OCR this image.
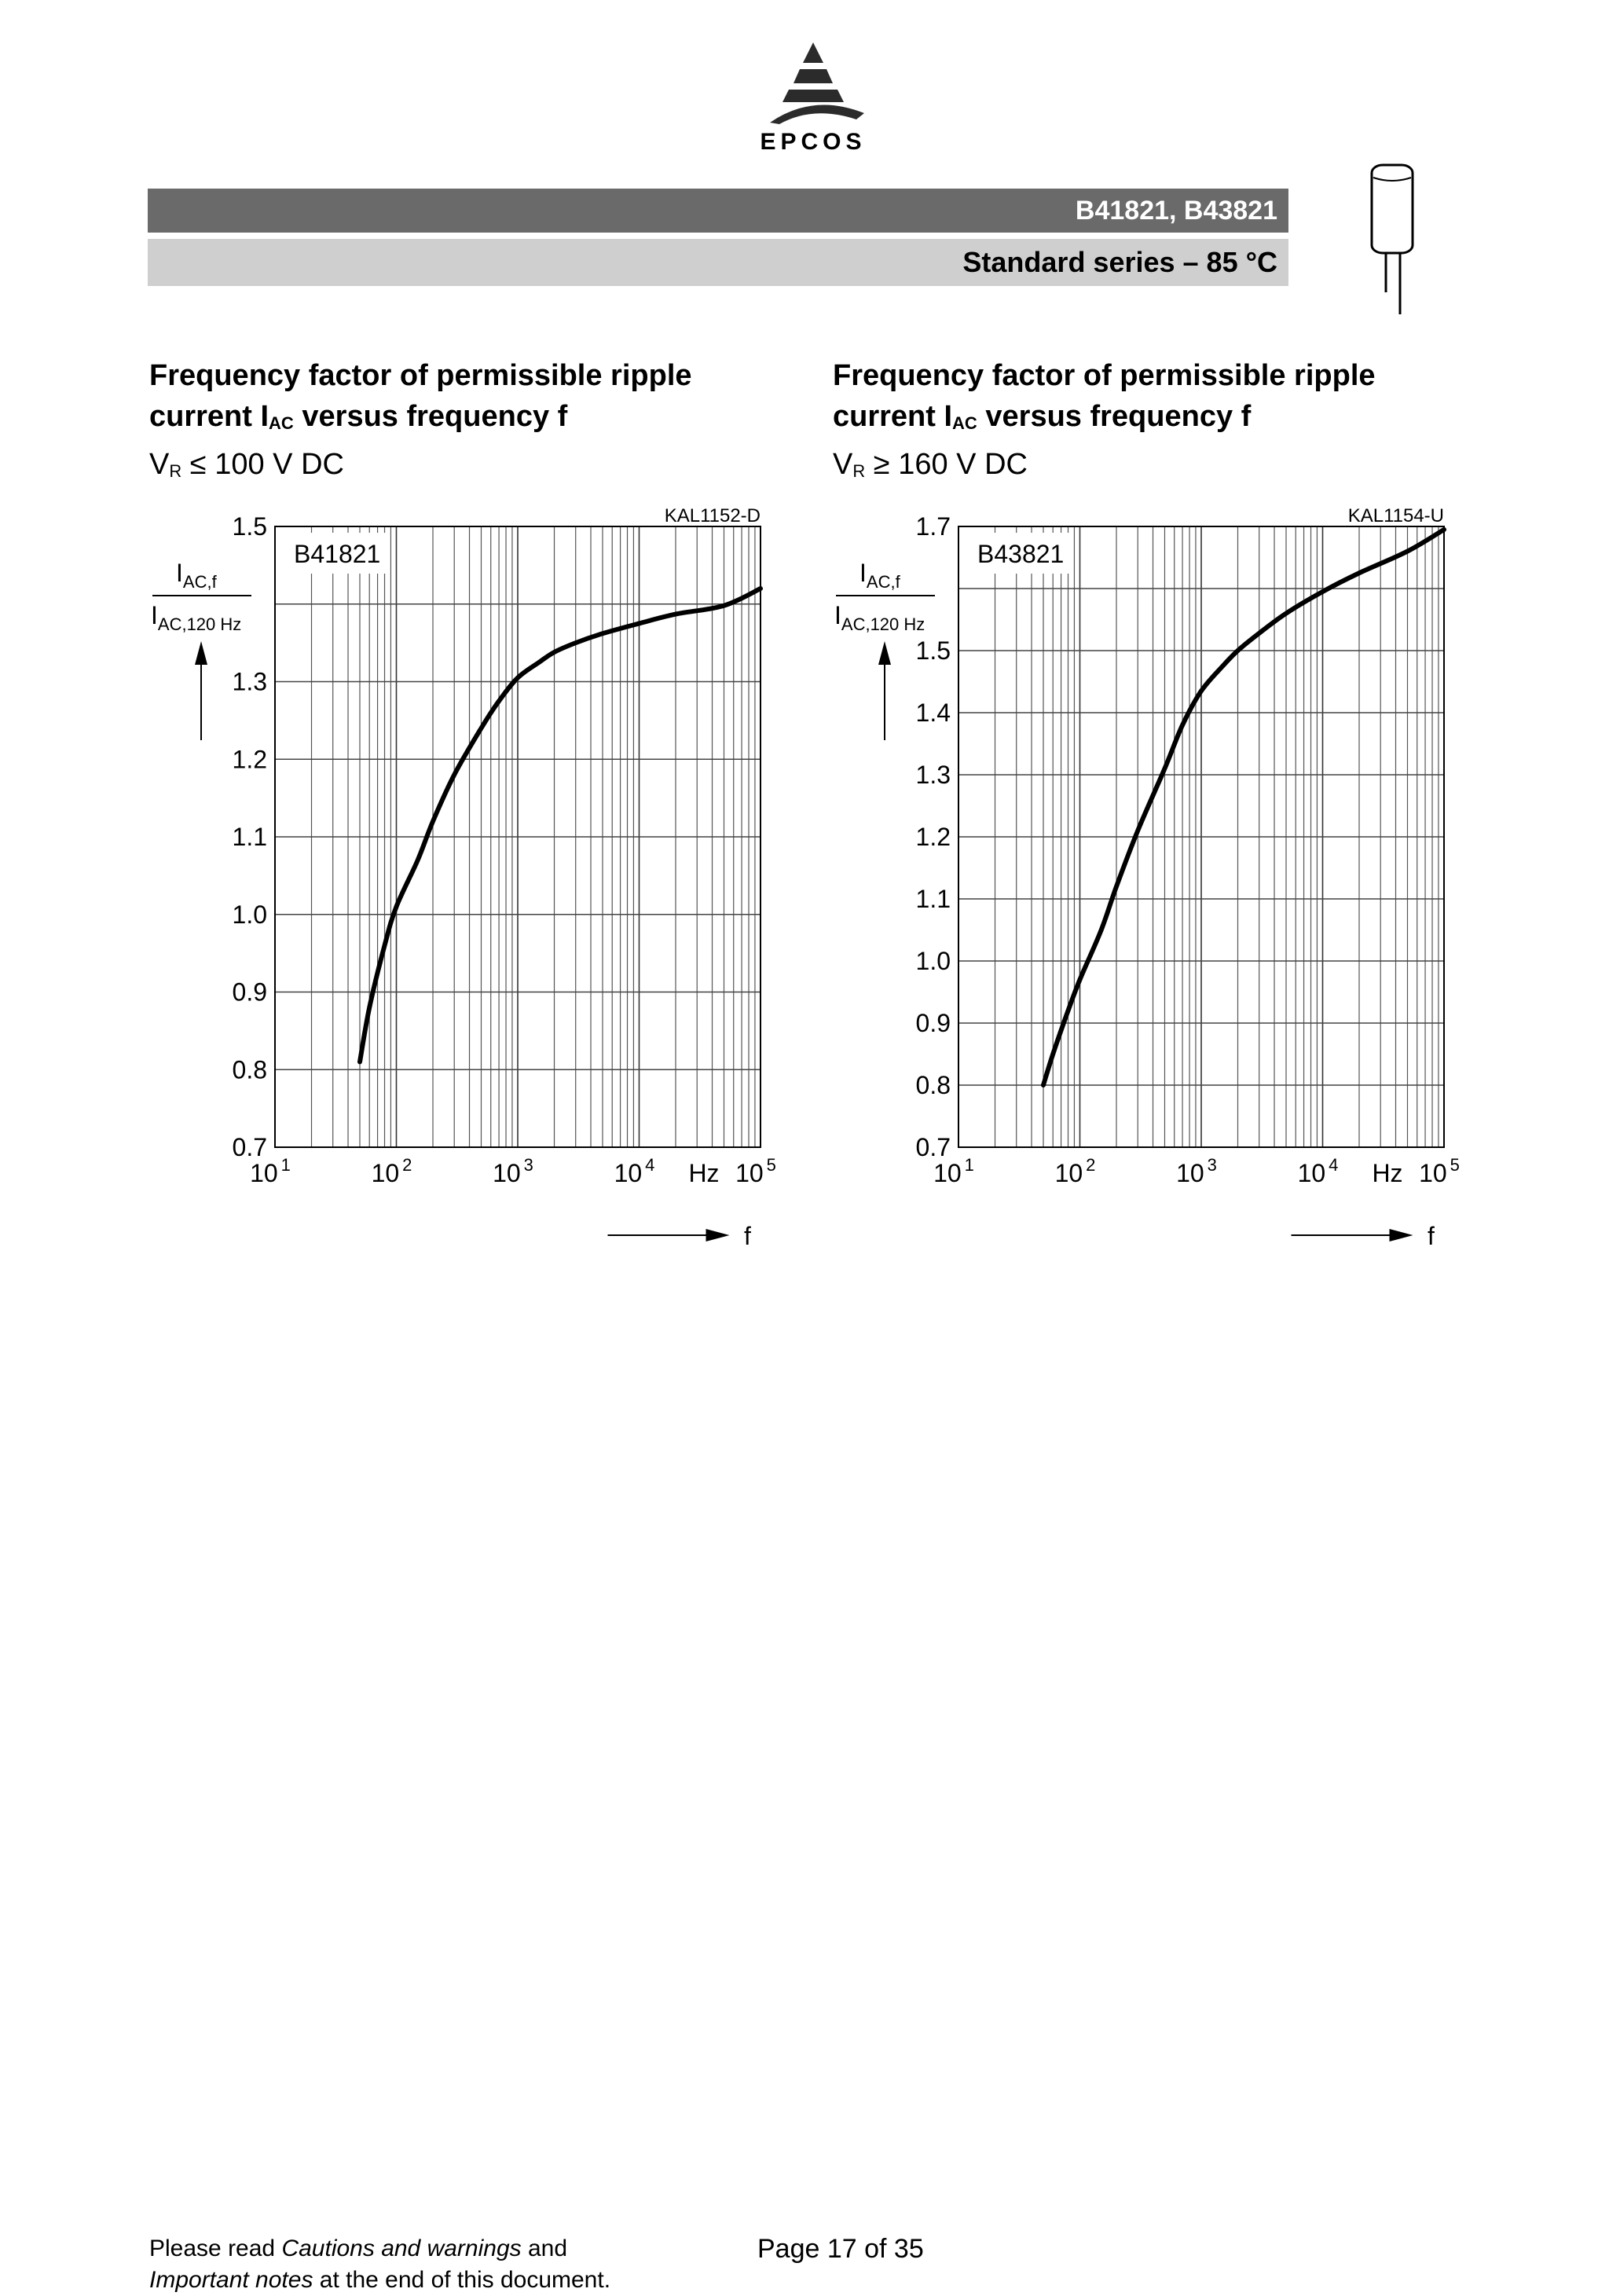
EPCOS
B41821, B43821
Standard series – 85 °C
Frequency factor of permissible ripple
current $I_{AC}$ versus frequency f
$V_R \le 100$ V DC
Frequency factor of permissible ripple
current $I_{AC}$ versus frequency f
$V_R \ge 160$ V DC
KAL1152-D
B41821
1.5
1.3
1.2
1.1
1.0
0.9
0.8
0.7
10 $^1$	10 $^2$	10 $^3$	10 $^4$	10 $^5$
Hz
f
$I_{AC,f}$
$I_{AC,120 Hz}$
KAL1154-U
B43821
1.7
1.5
1.4
1.3
1.2
1.1
1.0
0.9
0.8
0.7
10 $^1$	10 $^2$	10 $^3$	10 $^4$	10 $^5$
Hz
f
$I_{AC,f}$
$I_{AC,120 Hz}$
Please read Cautions and warnings and
Important notes at the end of this document.
Page 17 of 35
